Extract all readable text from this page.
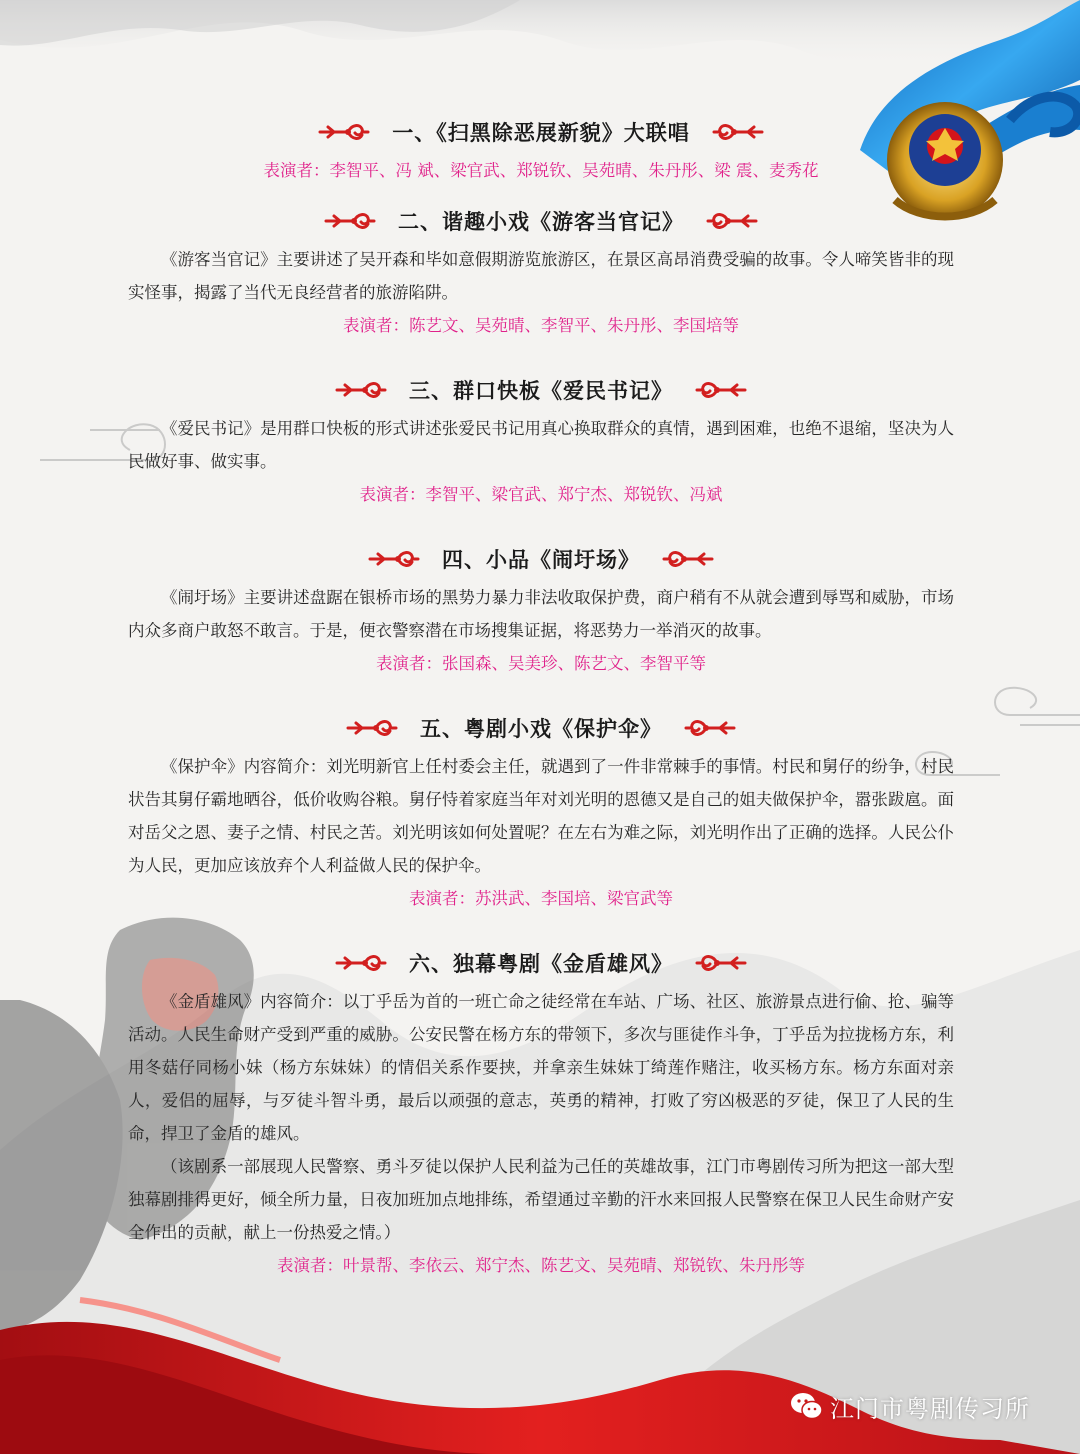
一、《扫黑除恶展新貌》大联唱
表演者：李智平、冯 斌、梁官武、郑锐钦、吴苑晴、朱丹彤、梁 震、麦秀花
二、谐趣小戏《游客当官记》

《游客当官记》主要讲述了吴开森和毕如意假期游览旅游区，在景区高昂消费受骗的故事。令人啼笑皆非的现实怪事，揭露了当代无良经营者的旅游陷阱。

表演者：陈艺文、吴苑晴、李智平、朱丹彤、李国培等
三、群口快板《爱民书记》

《爱民书记》是用群口快板的形式讲述张爱民书记用真心换取群众的真情，遇到困难，也绝不退缩，坚决为人民做好事、做实事。

表演者：李智平、梁官武、郑宁杰、郑锐钦、冯斌
四、小品《闹圩场》

《闹圩场》主要讲述盘踞在银桥市场的黑势力暴力非法收取保护费，商户稍有不从就会遭到辱骂和威胁，市场内众多商户敢怒不敢言。于是，便衣警察潜在市场搜集证据，将恶势力一举消灭的故事。

表演者：张国森、吴美珍、陈艺文、李智平等
五、粤剧小戏《保护伞》

《保护伞》内容简介：刘光明新官上任村委会主任，就遇到了一件非常棘手的事情。村民和舅仔的纷争，村民状告其舅仔霸地晒谷，低价收购谷粮。舅仔恃着家庭当年对刘光明的恩德又是自己的姐夫做保护伞，嚣张跋扈。面对岳父之恩、妻子之情、村民之苦。刘光明该如何处置呢？在左右为难之际，刘光明作出了正确的选择。人民公仆为人民，更加应该放弃个人利益做人民的保护伞。

表演者：苏洪武、李国培、梁官武等
六、独幕粤剧《金盾雄风》

《金盾雄风》内容简介：以丁乎岳为首的一班亡命之徒经常在车站、广场、社区、旅游景点进行偷、抢、骗等活动。人民生命财产受到严重的威胁。公安民警在杨方东的带领下，多次与匪徒作斗争，丁乎岳为拉拢杨方东，利用冬菇仔同杨小妹（杨方东妹妹）的情侣关系作要挟，并拿亲生妹妹丁绮莲作赌注，收买杨方东。杨方东面对亲人，爱侣的屈辱，与歹徒斗智斗勇，最后以顽强的意志，英勇的精神，打败了穷凶极恶的歹徒，保卫了人民的生命，捍卫了金盾的雄风。

（该剧系一部展现人民警察、勇斗歹徒以保护人民利益为己任的英雄故事，江门市粤剧传习所为把这一部大型独幕剧排得更好，倾全所力量，日夜加班加点地排练，希望通过辛勤的汗水来回报人民警察在保卫人民生命财产安全作出的贡献，献上一份热爱之情。）

表演者：叶景帮、李依云、郑宁杰、陈艺文、吴苑晴、郑锐钦、朱丹彤等
江门市粤剧传习所
